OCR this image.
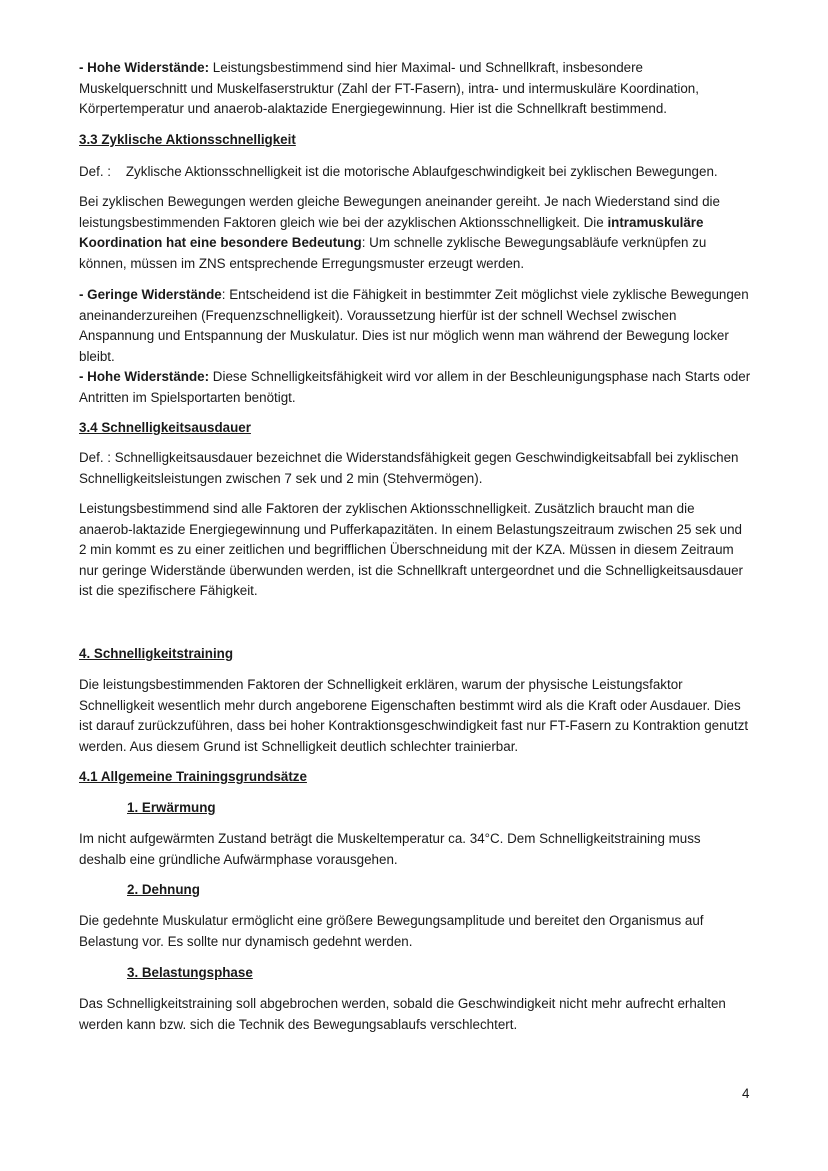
- Hohe Widerstände: Leistungsbestimmend sind hier Maximal- und Schnellkraft, insbesondere Muskelquerschnitt und Muskelfaserstruktur (Zahl der FT-Fasern), intra- und intermuskuläre Koordination, Körpertemperatur und anaerob-alaktazide Energiegewinnung. Hier ist die Schnellkraft bestimmend.

3.3 Zyklische Aktionsschnelligkeit

Def. :    Zyklische Aktionsschnelligkeit ist die motorische Ablaufgeschwindigkeit bei zyklischen Bewegungen.

Bei zyklischen Bewegungen werden gleiche Bewegungen aneinander gereiht. Je nach Wiederstand sind die leistungsbestimmenden Faktoren gleich wie bei der azyklischen Aktionsschnelligkeit. Die intramuskuläre Koordination hat eine besondere Bedeutung: Um schnelle zyklische Bewegungsabläufe verknüpfen zu können, müssen im ZNS entsprechende Erregungsmuster erzeugt werden.

- Geringe Widerstände: Entscheidend ist die Fähigkeit in bestimmter Zeit möglichst viele zyklische Bewegungen aneinanderzureihen (Frequenzschnelligkeit). Voraussetzung hierfür ist der schnell Wechsel zwischen Anspannung und Entspannung der Muskulatur. Dies ist nur möglich wenn man während der Bewegung locker bleibt.

- Hohe Widerstände: Diese Schnelligkeitsfähigkeit wird vor allem in der Beschleunigungsphase nach Starts oder Antritten im Spielsportarten benötigt.

3.4 Schnelligkeitsausdauer

Def. : Schnelligkeitsausdauer bezeichnet die Widerstandsfähigkeit gegen Geschwindigkeitsabfall bei zyklischen Schnelligkeitsleistungen zwischen 7 sek und 2 min (Stehvermögen).

Leistungsbestimmend sind alle Faktoren der zyklischen Aktionsschnelligkeit. Zusätzlich braucht man die anaerob-laktazide Energiegewinnung und Pufferkapazitäten. In einem Belastungszeitraum zwischen 25 sek und 2 min kommt es zu einer zeitlichen und begrifflichen Überschneidung mit der KZA. Müssen in diesem Zeitraum nur geringe Widerstände überwunden werden, ist die Schnellkraft untergeordnet und die Schnelligkeitsausdauer ist die spezifischere Fähigkeit.

4. Schnelligkeitstraining

Die leistungsbestimmenden Faktoren der Schnelligkeit erklären, warum der physische Leistungsfaktor Schnelligkeit wesentlich mehr durch angeborene Eigenschaften bestimmt wird als die Kraft oder Ausdauer. Dies ist darauf zurückzuführen, dass bei hoher Kontraktionsgeschwindigkeit fast nur FT-Fasern zu Kontraktion genutzt werden. Aus diesem Grund ist Schnelligkeit deutlich schlechter trainierbar.

4.1 Allgemeine Trainingsgrundsätze

1. Erwärmung

Im nicht aufgewärmten Zustand beträgt die Muskeltemperatur ca. 34°C. Dem Schnelligkeitstraining muss deshalb eine gründliche Aufwärmphase vorausgehen.

2. Dehnung

Die gedehnte Muskulatur ermöglicht eine größere Bewegungsamplitude und bereitet den Organismus auf Belastung vor. Es sollte nur dynamisch gedehnt werden.

3. Belastungsphase

Das Schnelligkeitstraining soll abgebrochen werden, sobald die Geschwindigkeit nicht mehr aufrecht erhalten werden kann bzw. sich die Technik des Bewegungsablaufs verschlechtert.

4
